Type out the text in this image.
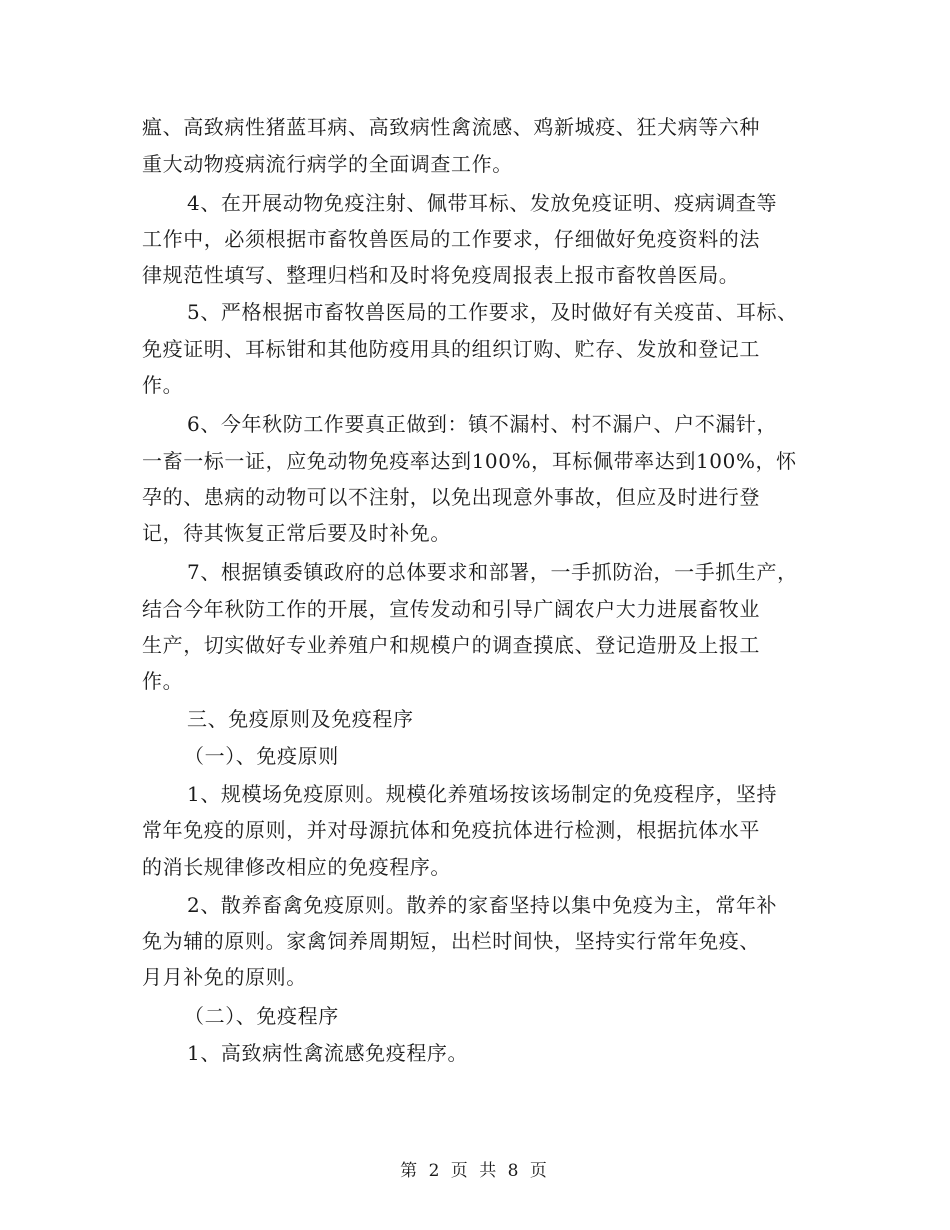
瘟、高致病性猪蓝耳病、高致病性禽流感、鸡新城疫、狂犬病等六种
重大动物疫病流行病学的全面调查工作。
4、在开展动物免疫注射、佩带耳标、发放免疫证明、疫病调查等
工作中，必须根据市畜牧兽医局的工作要求，仔细做好免疫资料的法
律规范性填写、整理归档和及时将免疫周报表上报市畜牧兽医局。
5、严格根据市畜牧兽医局的工作要求，及时做好有关疫苗、耳标、
免疫证明、耳标钳和其他防疫用具的组织订购、贮存、发放和登记工
作。
6、今年秋防工作要真正做到：镇不漏村、村不漏户、户不漏针，
一畜一标一证，应免动物免疫率达到100%，耳标佩带率达到100%，怀
孕的、患病的动物可以不注射，以免出现意外事故，但应及时进行登
记，待其恢复正常后要及时补免。
7、根据镇委镇政府的总体要求和部署，一手抓防治，一手抓生产，
结合今年秋防工作的开展，宣传发动和引导广阔农户大力进展畜牧业
生产，切实做好专业养殖户和规模户的调查摸底、登记造册及上报工
作。
三、免疫原则及免疫程序
（一）、免疫原则
1、规模场免疫原则。规模化养殖场按该场制定的免疫程序，坚持
常年免疫的原则，并对母源抗体和免疫抗体进行检测，根据抗体水平
的消长规律修改相应的免疫程序。
2、散养畜禽免疫原则。散养的家畜坚持以集中免疫为主，常年补
免为辅的原则。家禽饲养周期短，出栏时间快，坚持实行常年免疫、
月月补免的原则。
（二）、免疫程序
1、高致病性禽流感免疫程序。
第 2 页 共 8 页
